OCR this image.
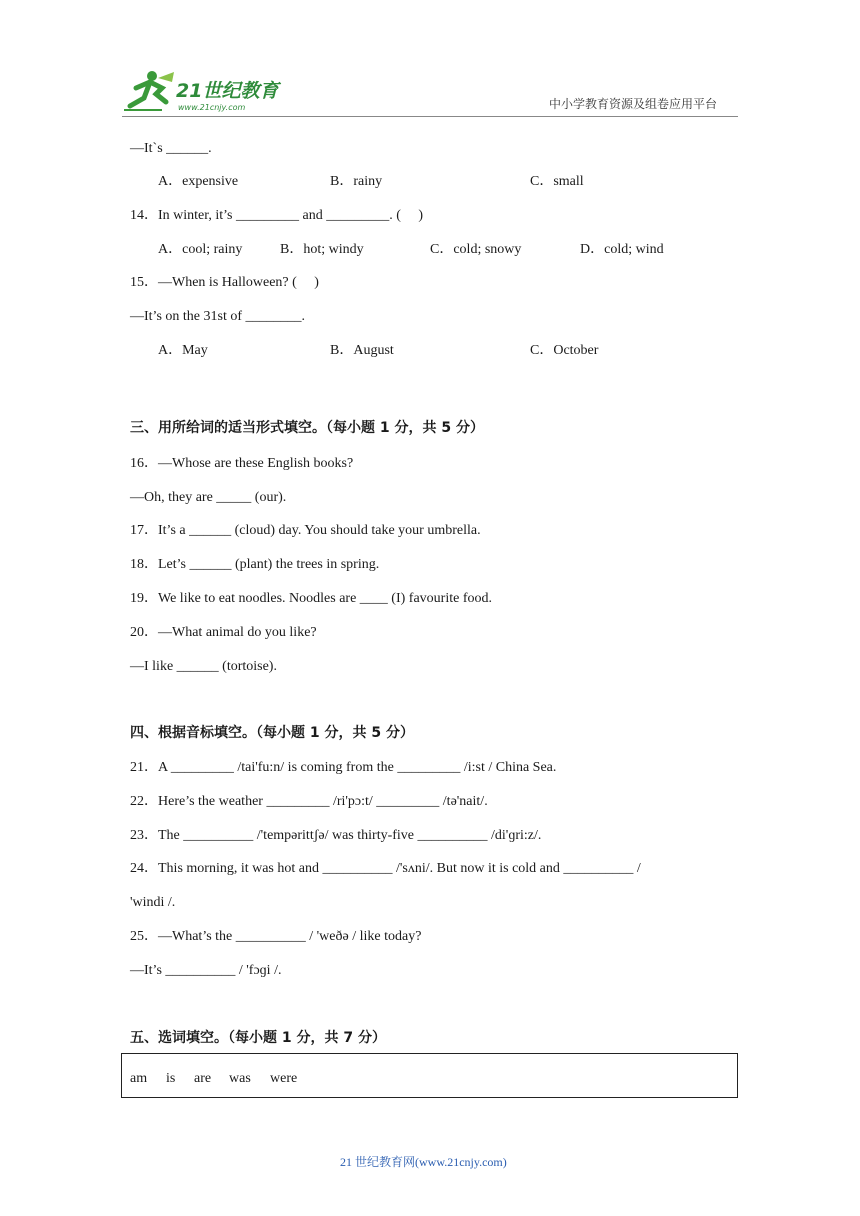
21世纪教育
www.21cnjy.com	中小学教育资源及组卷应用平台
—It`s ______.
A．expensive	B．rainy	C．small
14．In winter, it’s _________ and _________. (　 )
A．cool; rainy	B．hot; windy	C．cold; snowy	D．cold; wind
15．—When is Halloween? (　 )
—It’s on the 31st of ________.
A．May	B．August	C．October
三、用所给词的适当形式填空。（每小题 1 分，共 5 分）
16．—Whose are these English books?
—Oh, they are _____ (our).
17．It’s a ______ (cloud) day. You should take your umbrella.
18．Let’s ______ (plant) the trees in spring.
19．We like to eat noodles. Noodles are ____ (I) favourite food.
20．—What animal do you like?
—I like ______ (tortoise).
四、根据音标填空。（每小题 1 分，共 5 分）
21．A _________ /tai'fu:n/ is coming from the _________ /i:st / China Sea.
22．Here’s the weather _________ /ri'pɔ:t/ _________ /tə'nait/.
23．The __________ /'tempərittʃə/ was thirty-five __________ /di'ɡri:z/.
24．This morning, it was hot and __________ /'sʌni/. But now it is cold and __________ /
'windi /.
25．—What’s the __________ / 'weðə / like today?
—It’s __________ / 'fɔɡi /.
五、选词填空。（每小题 1 分，共 7 分）
am is are was were
21 世纪教育网(www.21cnjy.com)
